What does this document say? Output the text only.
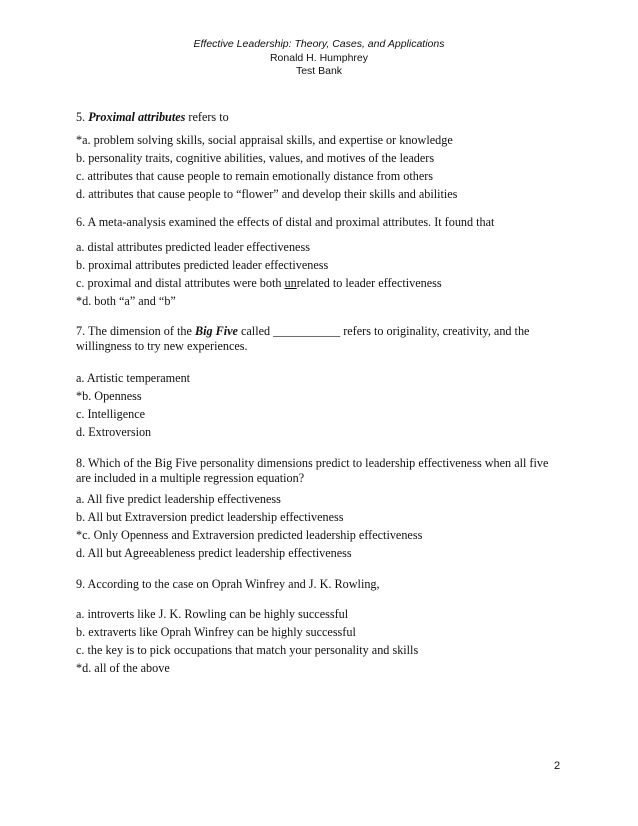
Effective Leadership: Theory, Cases, and Applications
Ronald H. Humphrey
Test Bank
5. Proximal attributes refers to
*a. problem solving skills, social appraisal skills, and expertise or knowledge
b. personality traits, cognitive abilities, values, and motives of the leaders
c. attributes that cause people to remain emotionally distance from others
d. attributes that cause people to “flower” and develop their skills and abilities
6. A meta-analysis examined the effects of distal and proximal attributes. It found that
a. distal attributes predicted leader effectiveness
b. proximal attributes predicted leader effectiveness
c. proximal and distal attributes were both unrelated to leader effectiveness
*d. both “a” and “b”
7. The dimension of the Big Five called ___________ refers to originality, creativity, and the
willingness to try new experiences.
a. Artistic temperament
*b. Openness
c. Intelligence
d. Extroversion
8. Which of the Big Five personality dimensions predict to leadership effectiveness when all five
are included in a multiple regression equation?
a. All five predict leadership effectiveness
b. All but Extraversion predict leadership effectiveness
*c. Only Openness and Extraversion predicted leadership effectiveness
d. All but Agreeableness predict leadership effectiveness
9. According to the case on Oprah Winfrey and J. K. Rowling,
a. introverts like J. K. Rowling can be highly successful
b. extraverts like Oprah Winfrey can be highly successful
c. the key is to pick occupations that match your personality and skills
*d. all of the above
2
